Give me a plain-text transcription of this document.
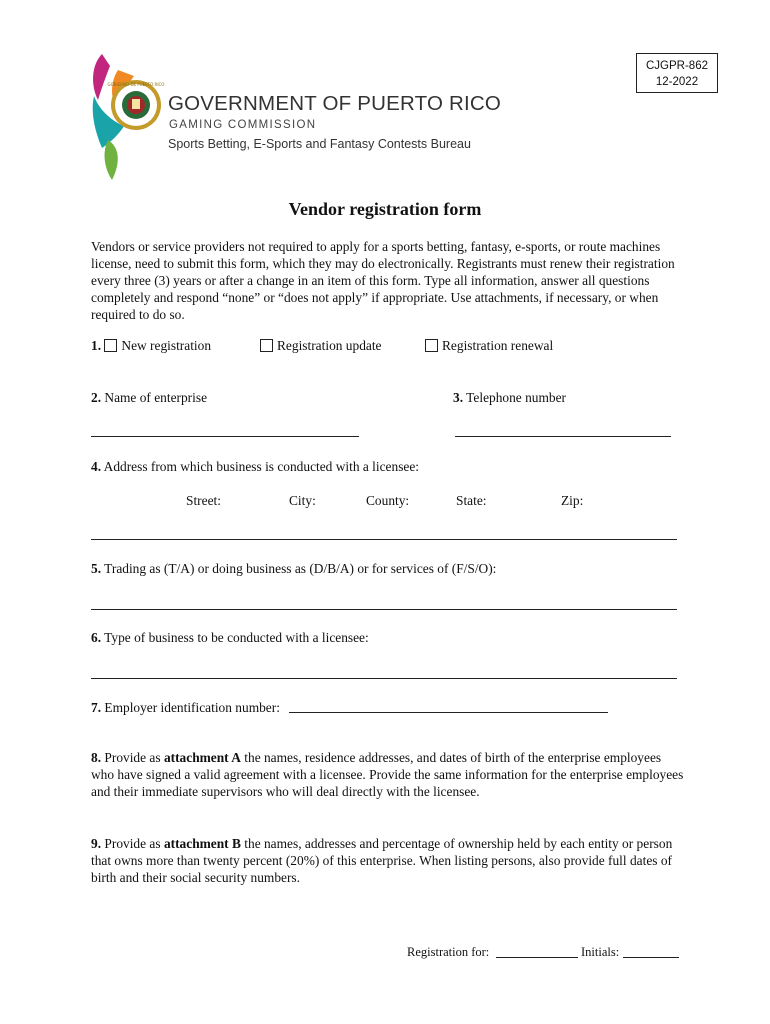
CJGPR-862
12-2022
GOBIERNO DE PUERTO RICO
GOVERNMENT OF PUERTO RICO
GAMING COMMISSION
Sports Betting, E-Sports and Fantasy Contests Bureau
Vendor registration form
Vendors or service providers not required to apply for a sports betting, fantasy, e-sports, or route machines license, need to submit this form, which they may do electronically. Registrants must renew their registration every three (3) years or after a change in an item of this form. Type all information, answer all questions completely and respond “none” or “does not apply” if appropriate. Use attachments, if necessary, or when required to do so.
1. New registration	Registration update	Registration renewal
2. Name of enterprise	3. Telephone number
4. Address from which business is conducted with a licensee:
Street:	City:	County:	State:	Zip:
5. Trading as (T/A) or doing business as (D/B/A) or for services of (F/S/O):
6. Type of business to be conducted with a licensee:
7. Employer identification number:
8. Provide as attachment A the names, residence addresses, and dates of birth of the enterprise employees who have signed a valid agreement with a licensee. Provide the same information for the enterprise employees and their immediate supervisors who will deal directly with the licensee.
9. Provide as attachment B the names, addresses and percentage of ownership held by each entity or person that owns more than twenty percent (20%) of this enterprise. When listing persons, also provide full dates of birth and their social security numbers.
Registration for:	Initials:
